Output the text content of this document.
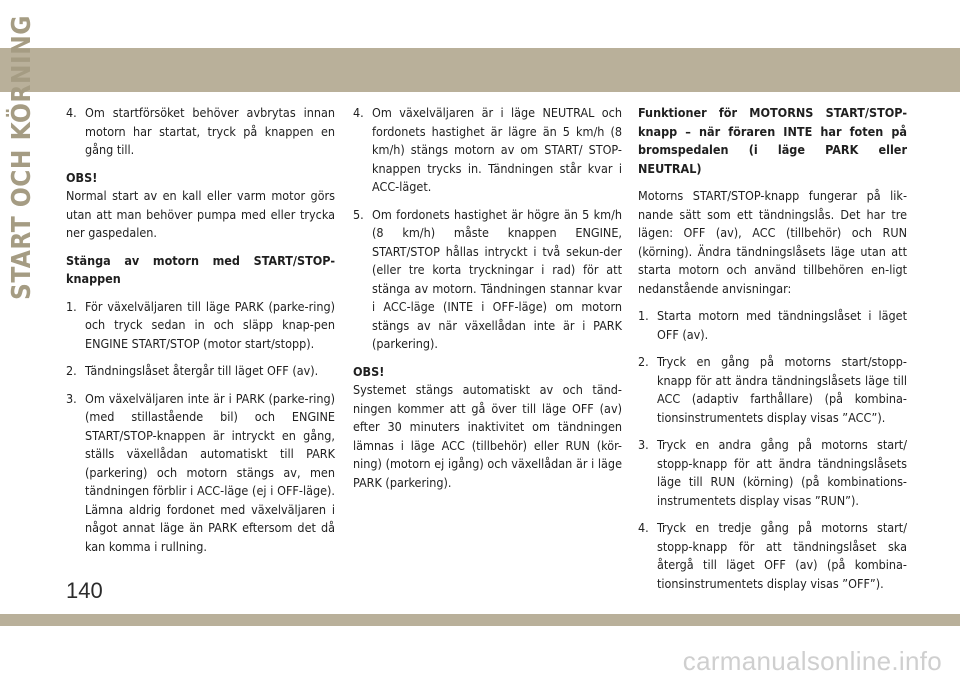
START OCH KÖRNING 4. Om startförsöket behöver avbrytas innan motorn har startat, tryck på knappen en gång till.
OBS!

Normal start av en kall eller varm motor görs utan att man behöver pumpa med eller trycka ner gaspedalen.

Stänga av motorn med START/STOP-knappen

1. För växelväljaren till läge PARK (parke-ring) och tryck sedan in och släpp knap-pen ENGINE START/STOP (motor start/stopp).
2. Tändningslåset återgår till läget OFF (av).
3. Om växelväljaren inte är i PARK (parke-ring) (med stillastående bil) och ENGINE START/STOP-knappen är intryckt en gång, ställs växellådan automatiskt till PARK (parkering) och motorn stängs av, men tändningen förblir i ACC-läge (ej i OFF-läge). Lämna aldrig fordonet med växelväljaren i något annat läge än PARK eftersom det då kan komma i rullning.
4. Om växelväljaren är i läge NEUTRAL och fordonets hastighet är lägre än 5 km/h (8 km/h) stängs motorn av om START/ STOP-knappen trycks in. Tändningen står kvar i ACC-läget.
5. Om fordonets hastighet är högre än 5 km/h (8 km/h) måste knappen ENGINE, START/STOP hållas intryckt i två sekun-der (eller tre korta tryckningar i rad) för att stänga av motorn. Tändningen stannar kvar i ACC-läge (INTE i OFF-läge) om motorn stängs av när växellådan inte är i PARK (parkering).
OBS!

Systemet stängs automatiskt av och tänd-ningen kommer att gå över till läge OFF (av) efter 30 minuters inaktivitet om tändningen lämnas i läge ACC (tillbehör) eller RUN (kör-ning) (motorn ej igång) och växellådan är i läge PARK (parkering).

Funktioner för MOTORNS START/STOP-knapp – när föraren INTE har foten på bromspedalen (i läge PARK eller NEUTRAL)

Motorns START/STOP-knapp fungerar på lik-nande sätt som ett tändningslås. Det har tre lägen: OFF (av), ACC (tillbehör) och RUN (körning). Ändra tändningslåsets läge utan att starta motorn och använd tillbehören en-ligt nedanstående anvisningar:

1. Starta motorn med tändningslåset i läget OFF (av).
2. Tryck en gång på motorns start/stopp-knapp för att ändra tändningslåsets läge till ACC (adaptiv farthållare) (på kombina-tionsinstrumentets display visas ”ACC”).
3. Tryck en andra gång på motorns start/ stopp-knapp för att ändra tändningslåsets läge till RUN (körning) (på kombinations-instrumentets display visas ”RUN”).
4. Tryck en tredje gång på motorns start/ stopp-knapp för att tändningslåset ska återgå till läget OFF (av) (på kombina-tionsinstrumentets display visas ”OFF”).
140
carmanualsonline.info
